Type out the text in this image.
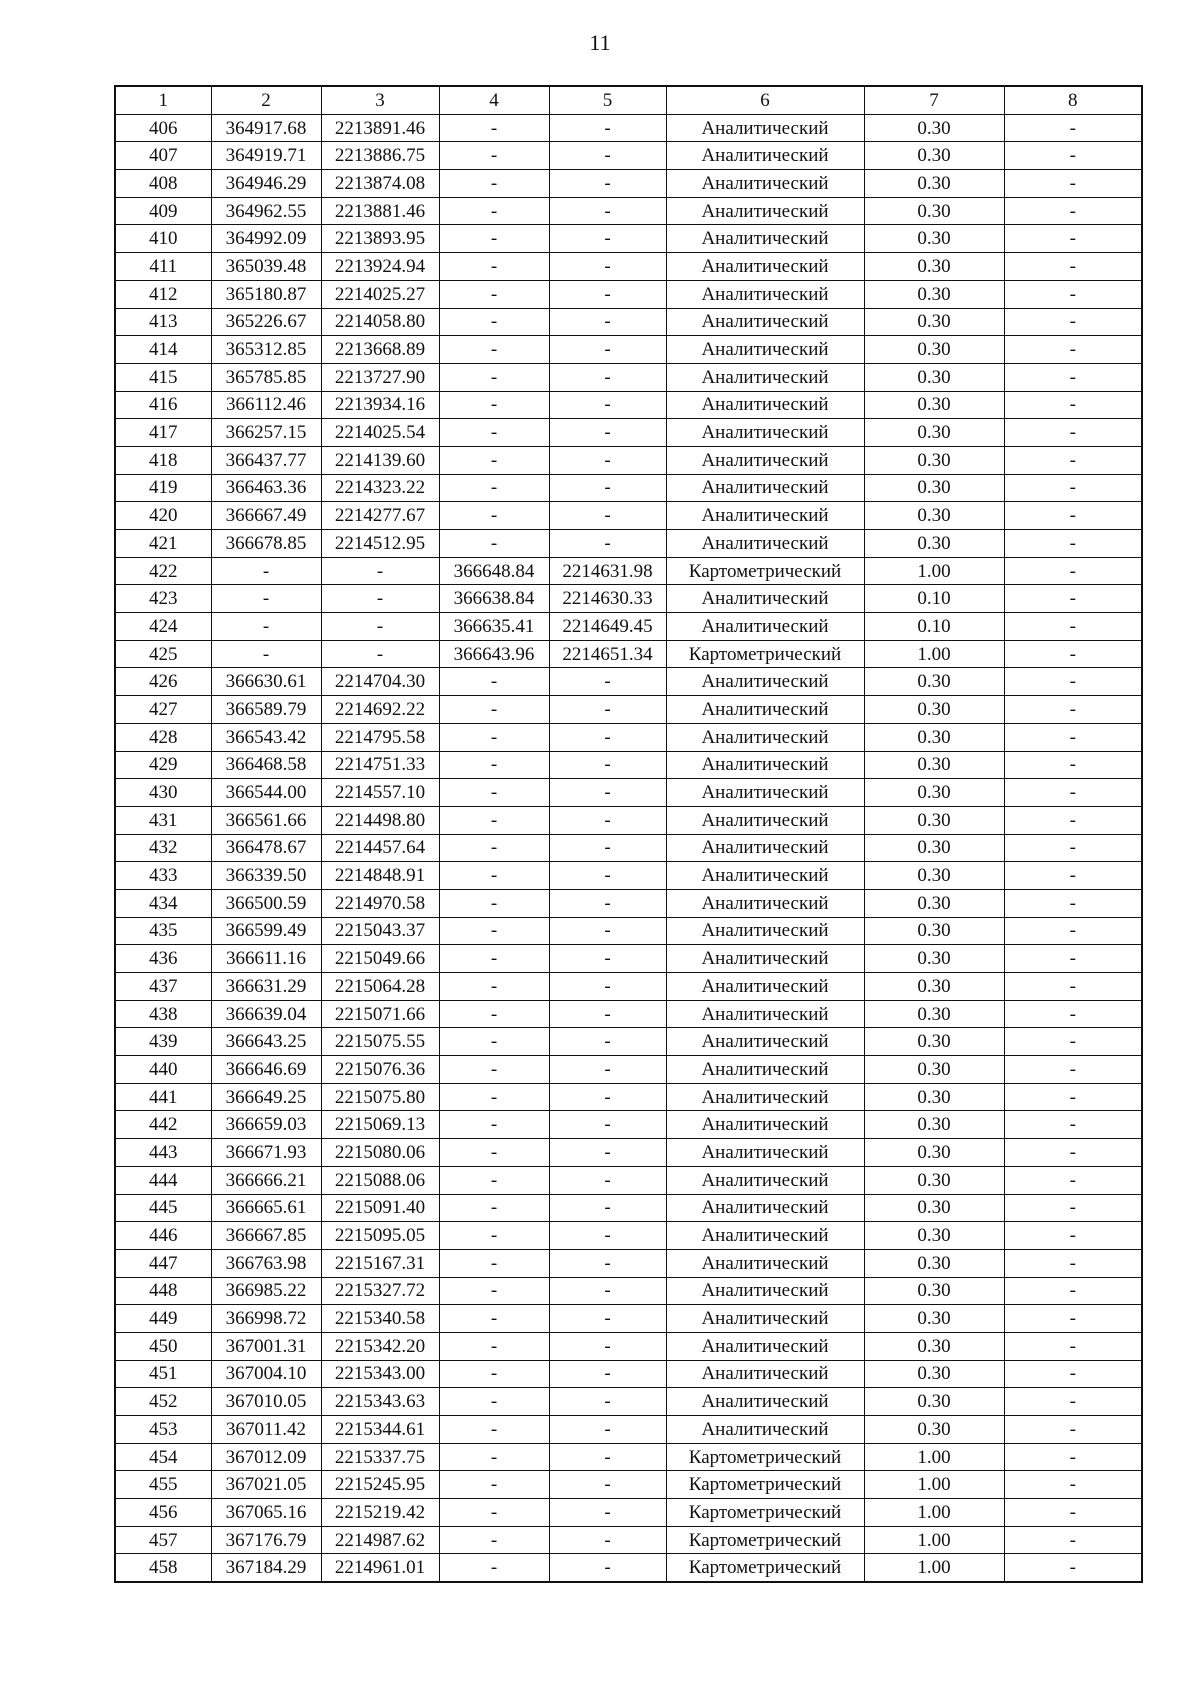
11
1	2	3	4	5	6	7	8
406	364917.68	2213891.46	-	-	Аналитический	0.30	-
407	364919.71	2213886.75	-	-	Аналитический	0.30	-
408	364946.29	2213874.08	-	-	Аналитический	0.30	-
409	364962.55	2213881.46	-	-	Аналитический	0.30	-
410	364992.09	2213893.95	-	-	Аналитический	0.30	-
411	365039.48	2213924.94	-	-	Аналитический	0.30	-
412	365180.87	2214025.27	-	-	Аналитический	0.30	-
413	365226.67	2214058.80	-	-	Аналитический	0.30	-
414	365312.85	2213668.89	-	-	Аналитический	0.30	-
415	365785.85	2213727.90	-	-	Аналитический	0.30	-
416	366112.46	2213934.16	-	-	Аналитический	0.30	-
417	366257.15	2214025.54	-	-	Аналитический	0.30	-
418	366437.77	2214139.60	-	-	Аналитический	0.30	-
419	366463.36	2214323.22	-	-	Аналитический	0.30	-
420	366667.49	2214277.67	-	-	Аналитический	0.30	-
421	366678.85	2214512.95	-	-	Аналитический	0.30	-
422	-	-	366648.84	2214631.98	Картометрический	1.00	-
423	-	-	366638.84	2214630.33	Аналитический	0.10	-
424	-	-	366635.41	2214649.45	Аналитический	0.10	-
425	-	-	366643.96	2214651.34	Картометрический	1.00	-
426	366630.61	2214704.30	-	-	Аналитический	0.30	-
427	366589.79	2214692.22	-	-	Аналитический	0.30	-
428	366543.42	2214795.58	-	-	Аналитический	0.30	-
429	366468.58	2214751.33	-	-	Аналитический	0.30	-
430	366544.00	2214557.10	-	-	Аналитический	0.30	-
431	366561.66	2214498.80	-	-	Аналитический	0.30	-
432	366478.67	2214457.64	-	-	Аналитический	0.30	-
433	366339.50	2214848.91	-	-	Аналитический	0.30	-
434	366500.59	2214970.58	-	-	Аналитический	0.30	-
435	366599.49	2215043.37	-	-	Аналитический	0.30	-
436	366611.16	2215049.66	-	-	Аналитический	0.30	-
437	366631.29	2215064.28	-	-	Аналитический	0.30	-
438	366639.04	2215071.66	-	-	Аналитический	0.30	-
439	366643.25	2215075.55	-	-	Аналитический	0.30	-
440	366646.69	2215076.36	-	-	Аналитический	0.30	-
441	366649.25	2215075.80	-	-	Аналитический	0.30	-
442	366659.03	2215069.13	-	-	Аналитический	0.30	-
443	366671.93	2215080.06	-	-	Аналитический	0.30	-
444	366666.21	2215088.06	-	-	Аналитический	0.30	-
445	366665.61	2215091.40	-	-	Аналитический	0.30	-
446	366667.85	2215095.05	-	-	Аналитический	0.30	-
447	366763.98	2215167.31	-	-	Аналитический	0.30	-
448	366985.22	2215327.72	-	-	Аналитический	0.30	-
449	366998.72	2215340.58	-	-	Аналитический	0.30	-
450	367001.31	2215342.20	-	-	Аналитический	0.30	-
451	367004.10	2215343.00	-	-	Аналитический	0.30	-
452	367010.05	2215343.63	-	-	Аналитический	0.30	-
453	367011.42	2215344.61	-	-	Аналитический	0.30	-
454	367012.09	2215337.75	-	-	Картометрический	1.00	-
455	367021.05	2215245.95	-	-	Картометрический	1.00	-
456	367065.16	2215219.42	-	-	Картометрический	1.00	-
457	367176.79	2214987.62	-	-	Картометрический	1.00	-
458	367184.29	2214961.01	-	-	Картометрический	1.00	-
